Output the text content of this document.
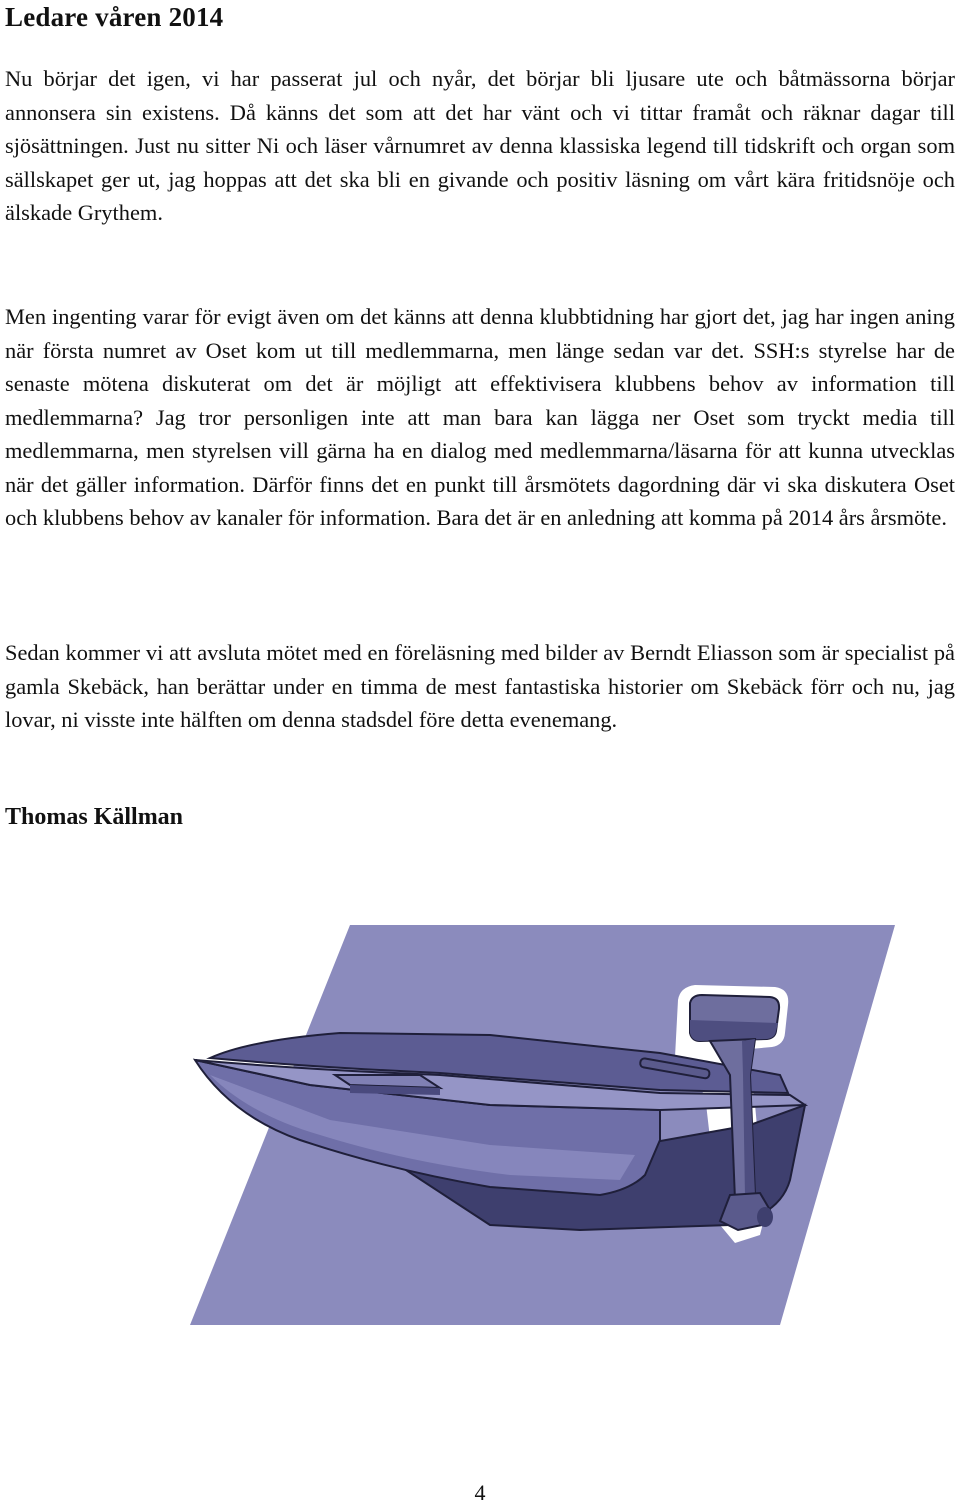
Ledare våren 2014

Nu börjar det igen, vi har passerat jul och nyår, det börjar bli ljusare ute och båtmässorna börjar annonsera sin existens. Då känns det som att det har vänt och vi tittar framåt och räknar dagar till sjösättningen. Just nu sitter Ni och läser vårnumret av denna klassiska legend till tidskrift och organ som sällskapet ger ut, jag hoppas att det ska bli en givande och positiv läsning om vårt kära fritidsnöje och älskade Grythem.

Men ingenting varar för evigt även om det känns att denna klubbtidning har gjort det, jag har ingen aning när första numret av Oset kom ut till medlemmarna, men länge sedan var det. SSH:s styrelse har de senaste mötena diskuterat om det är möjligt att effektivisera klubbens behov av information till medlemmarna? Jag tror personligen inte att man bara kan lägga ner Oset som tryckt media till medlemmarna, men styrelsen vill gärna ha en dialog med medlemmarna/läsarna för att kunna utvecklas när det gäller information. Därför finns det en punkt till årsmötets dagordning där vi ska diskutera Oset och klubbens behov av kanaler för information. Bara det är en anledning att komma på 2014 års årsmöte.

Sedan kommer vi att avsluta mötet med en föreläsning med bilder av Berndt Eliasson som är specialist på gamla Skebäck, han berättar under en timma de mest fantastiska historier om Skebäck förr och nu, jag lovar, ni visste inte hälften om denna stadsdel före detta evenemang.

Thomas Källman

4
